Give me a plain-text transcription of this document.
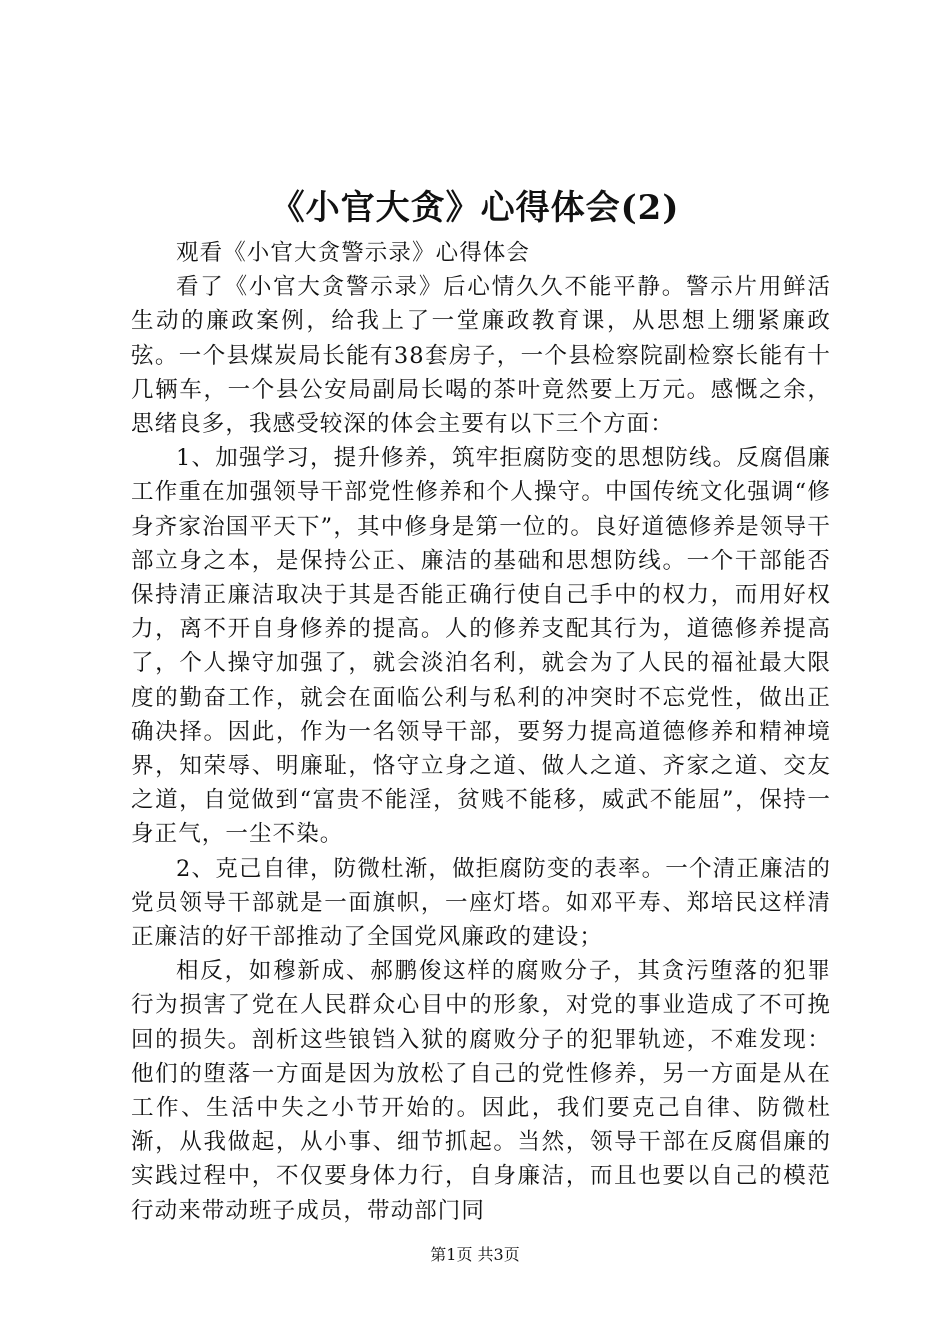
《小官大贪》心得体会(2)

观看《小官大贪警示录》心得体会

看了《小官大贪警示录》后心情久久不能平静。警示片用鲜活生动的廉政案例，给我上了一堂廉政教育课，从思想上绷紧廉政弦。一个县煤炭局长能有38套房子，一个县检察院副检察长能有十几辆车，一个县公安局副局长喝的茶叶竟然要上万元。感慨之余，思绪良多，我感受较深的体会主要有以下三个方面：

1、加强学习，提升修养，筑牢拒腐防变的思想防线。反腐倡廉工作重在加强领导干部党性修养和个人操守。中国传统文化强调“修身齐家治国平天下”，其中修身是第一位的。良好道德修养是领导干部立身之本，是保持公正、廉洁的基础和思想防线。一个干部能否保持清正廉洁取决于其是否能正确行使自己手中的权力，而用好权力，离不开自身修养的提高。人的修养支配其行为，道德修养提高了，个人操守加强了，就会淡泊名利，就会为了人民的福祉最大限度的勤奋工作，就会在面临公利与私利的冲突时不忘党性，做出正确决择。因此，作为一名领导干部，要努力提高道德修养和精神境界，知荣辱、明廉耻，恪守立身之道、做人之道、齐家之道、交友之道，自觉做到“富贵不能淫，贫贱不能移，威武不能屈”，保持一身正气，一尘不染。

2、克己自律，防微杜渐，做拒腐防变的表率。一个清正廉洁的党员领导干部就是一面旗帜，一座灯塔。如邓平寿、郑培民这样清正廉洁的好干部推动了全国党风廉政的建设；

相反，如穆新成、郝鹏俊这样的腐败分子，其贪污堕落的犯罪行为损害了党在人民群众心目中的形象，对党的事业造成了不可挽回的损失。剖析这些锒铛入狱的腐败分子的犯罪轨迹，不难发现：他们的堕落一方面是因为放松了自己的党性修养，另一方面是从在工作、生活中失之小节开始的。因此，我们要克己自律、防微杜渐，从我做起，从小事、细节抓起。当然，领导干部在反腐倡廉的实践过程中，不仅要身体力行，自身廉洁，而且也要以自己的模范行动来带动班子成员，带动部门同

第1页 共3页
